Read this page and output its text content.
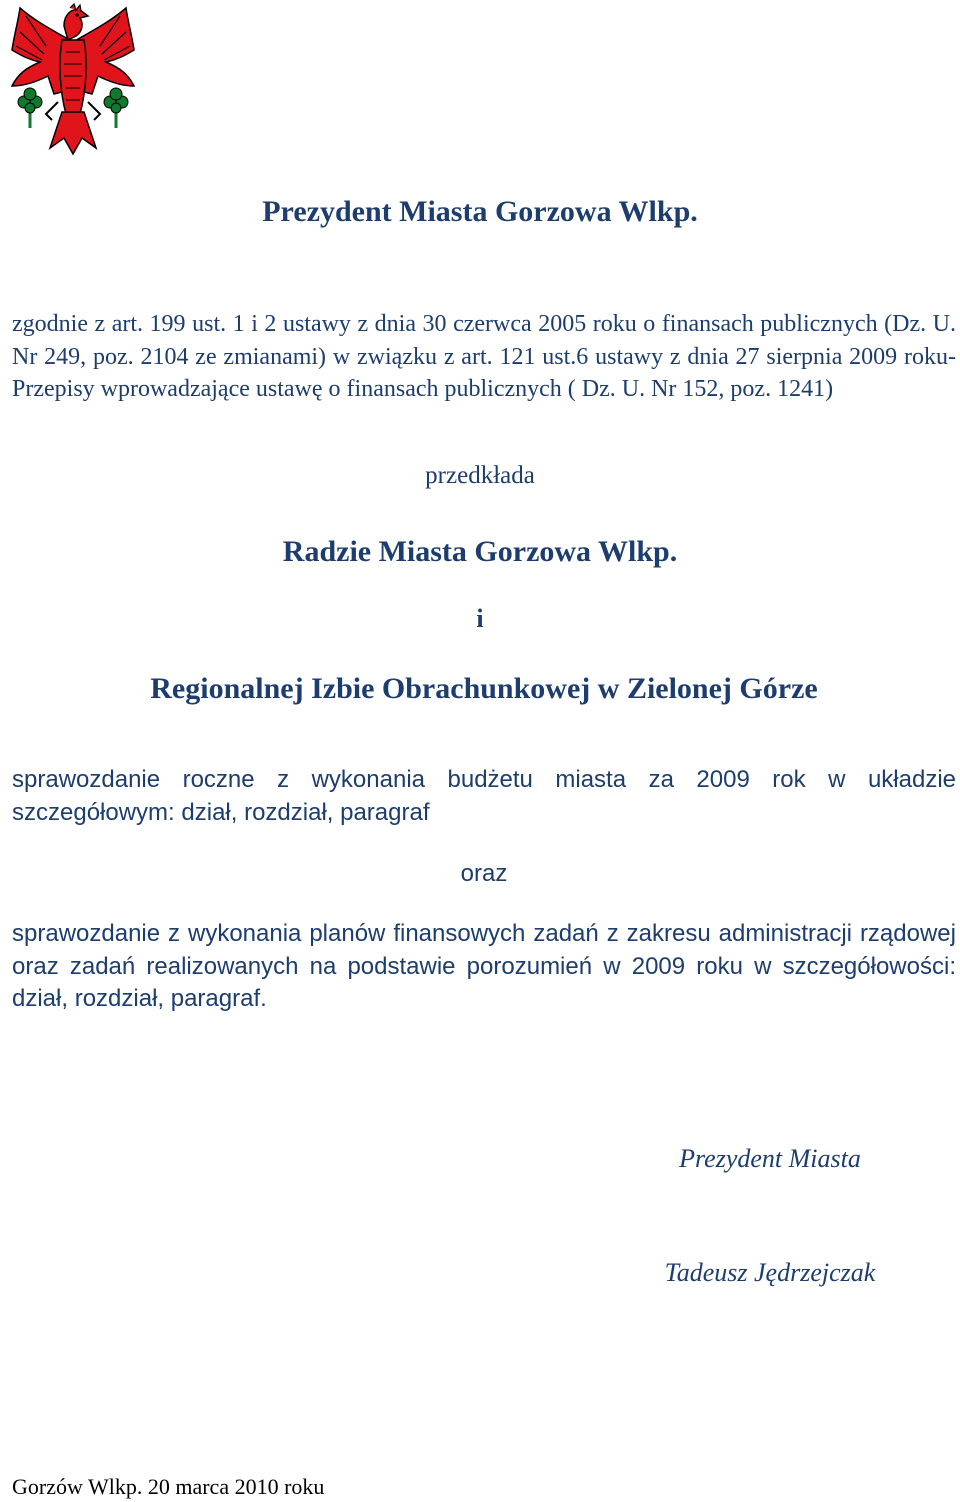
Prezydent Miasta Gorzowa Wlkp.

zgodnie z art. 199 ust. 1 i 2 ustawy z dnia 30 czerwca 2005 roku o finansach publicznych (Dz. U. Nr 249, poz. 2104 ze zmianami) w związku z art. 121 ust.6 ustawy z dnia 27 sierpnia 2009 roku- Przepisy wprowadzające ustawę o finansach publicznych ( Dz. U. Nr 152, poz. 1241)

przedkłada

Radzie Miasta Gorzowa Wlkp.

i

Regionalnej Izbie Obrachunkowej w Zielonej Górze

sprawozdanie roczne z wykonania budżetu miasta za 2009 rok w układzie szczegółowym: dział, rozdział, paragraf

oraz

sprawozdanie z wykonania planów finansowych zadań z zakresu administracji rządowej oraz zadań realizowanych na podstawie porozumień w 2009 roku w szczegółowości: dział, rozdział, paragraf.

Prezydent Miasta

Tadeusz Jędrzejczak

Gorzów Wlkp. 20 marca 2010 roku
